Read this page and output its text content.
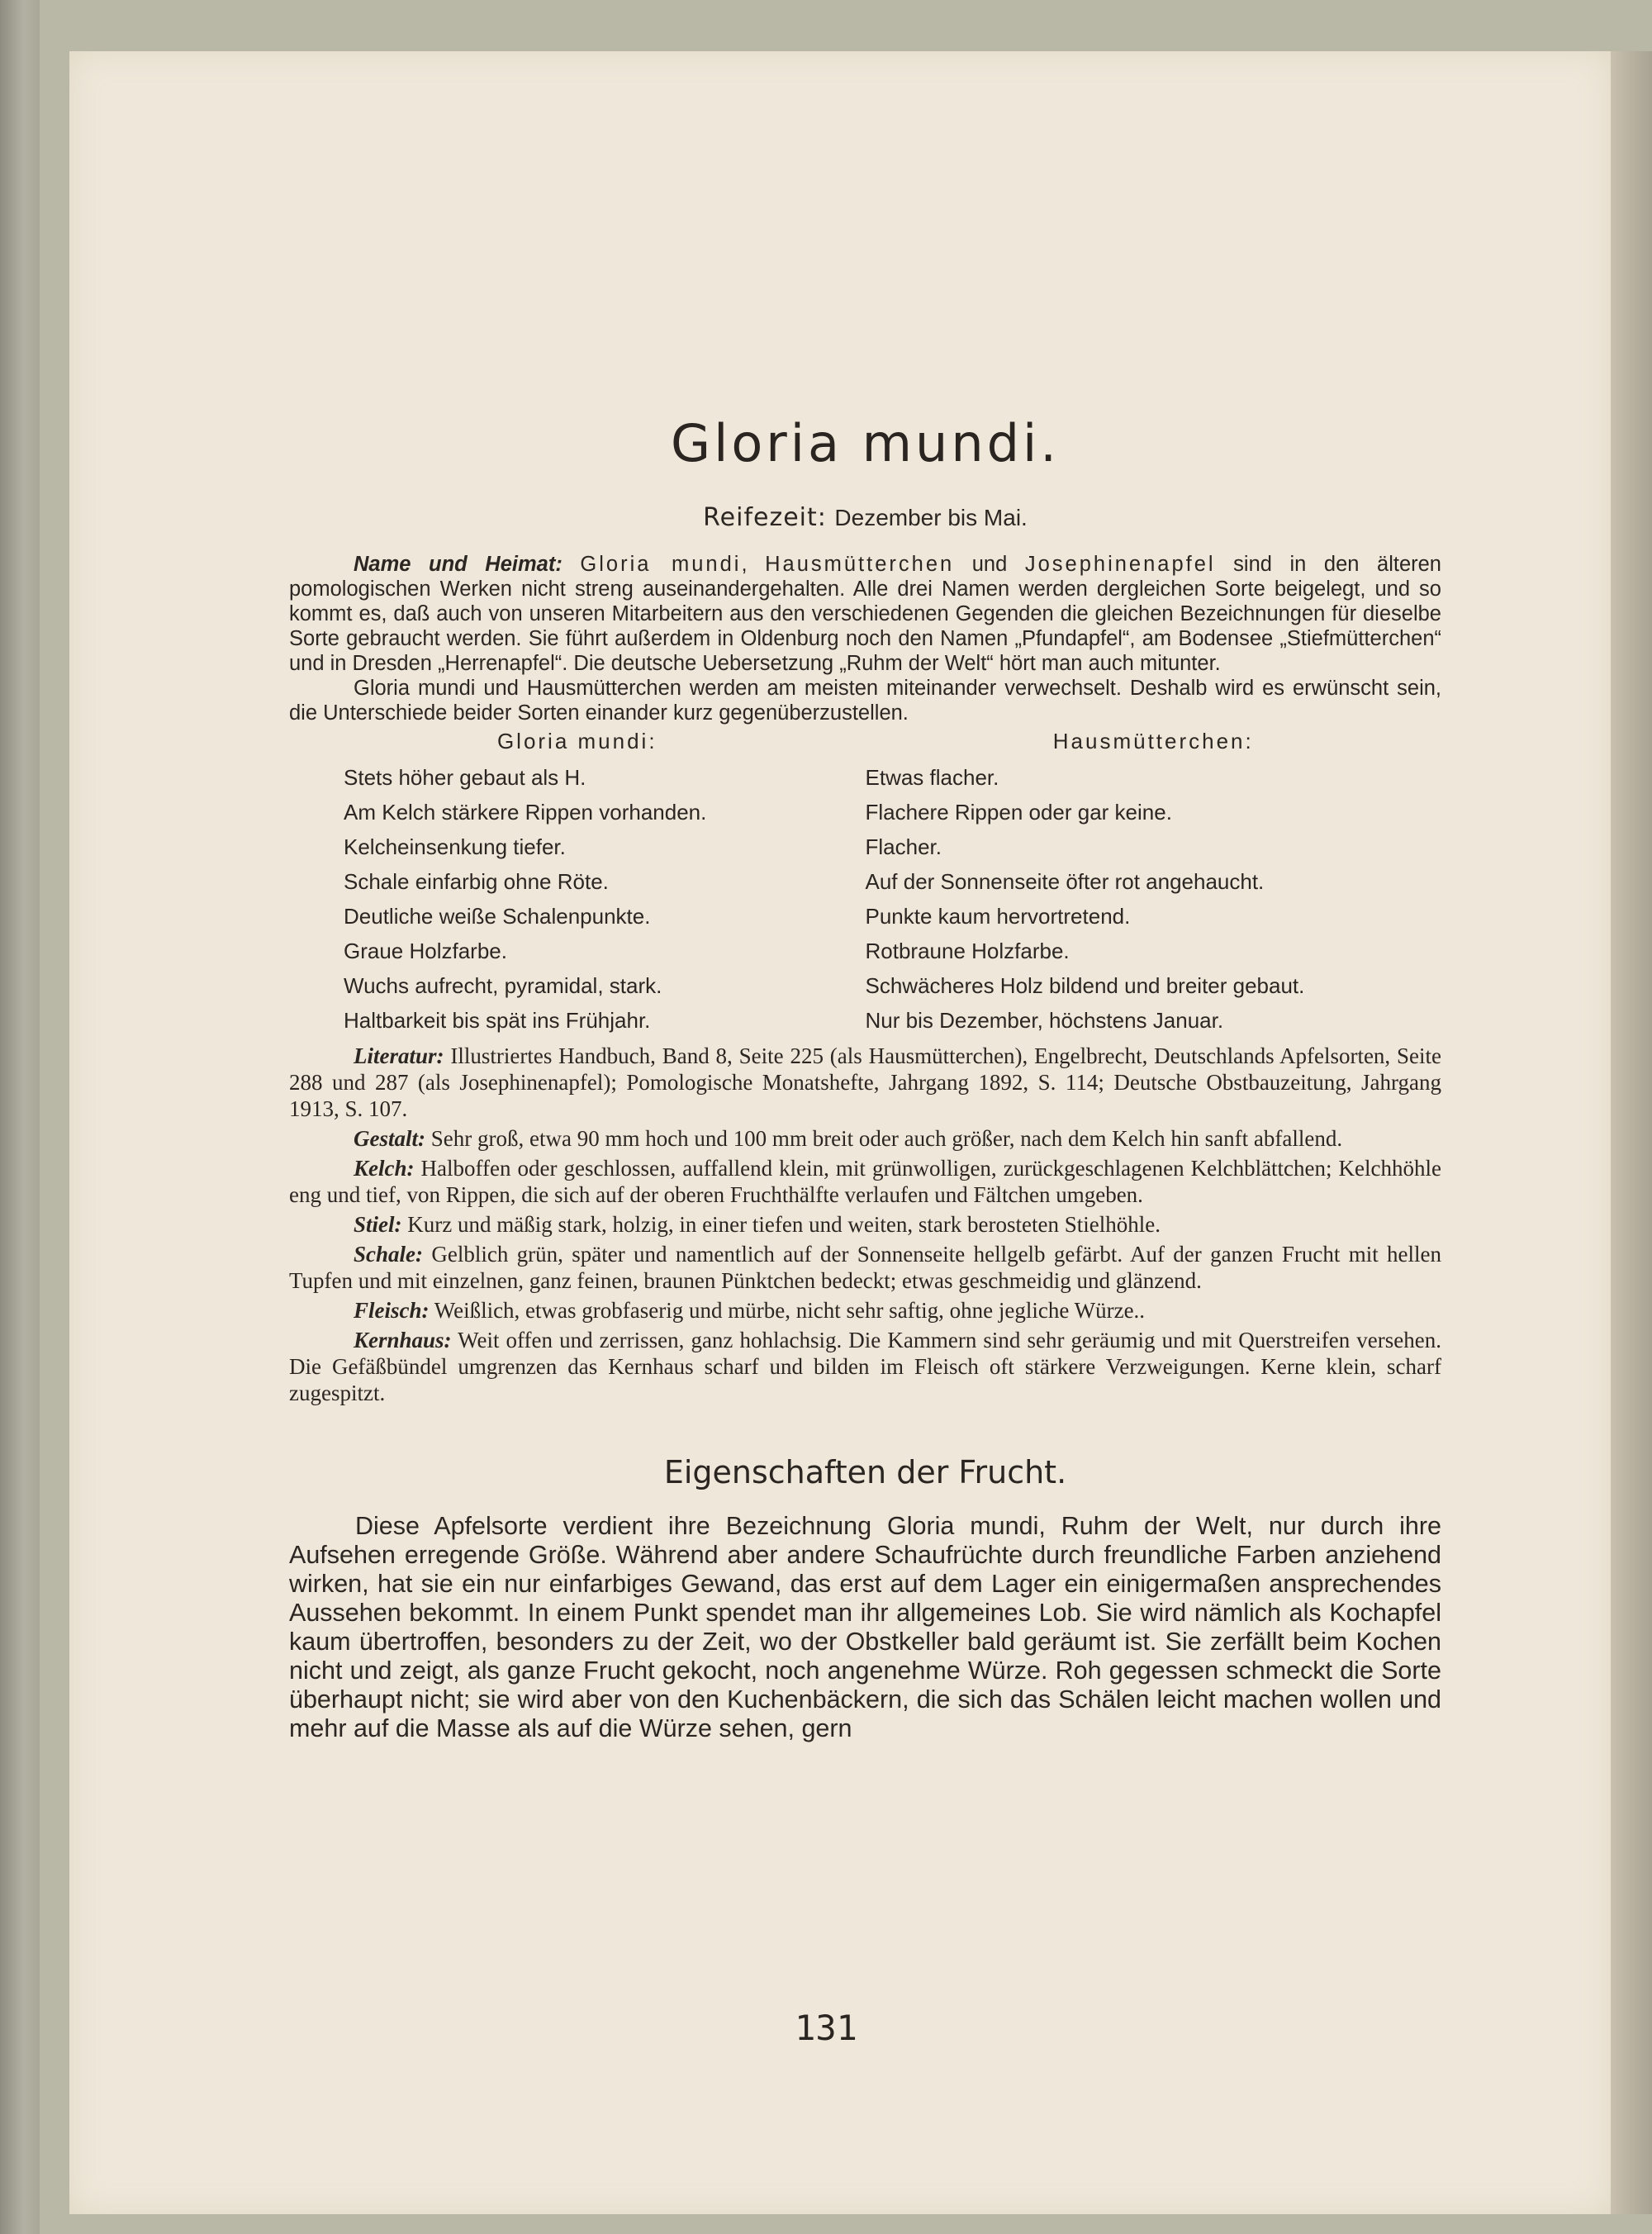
Gloria mundi.
Reifezeit: Dezember bis Mai.

Name und Heimat: Gloria mundi, Hausmütterchen und Josephinenapfel sind in den älteren pomologischen Werken nicht streng auseinandergehalten. Alle drei Namen werden dergleichen Sorte beigelegt, und so kommt es, daß auch von unseren Mitarbeitern aus den verschiedenen Gegenden die gleichen Bezeichnungen für dieselbe Sorte gebraucht werden. Sie führt außerdem in Oldenburg noch den Namen „Pfundapfel“, am Bodensee „Stiefmütterchen“ und in Dresden „Herrenapfel“. Die deutsche Uebersetzung „Ruhm der Welt“ hört man auch mitunter.

Gloria mundi und Hausmütterchen werden am meisten miteinander verwechselt. Deshalb wird es erwünscht sein, die Unterschiede beider Sorten einander kurz gegenüberzustellen.

Gloria mundi:
Stets höher gebaut als H.
Am Kelch stärkere Rippen vorhanden.
Kelcheinsenkung tiefer.
Schale einfarbig ohne Röte.
Deutliche weiße Schalenpunkte.
Graue Holzfarbe.
Wuchs aufrecht, pyramidal, stark.
Haltbarkeit bis spät ins Frühjahr.
Hausmütterchen:
Etwas flacher.
Flachere Rippen oder gar keine.
Flacher.
Auf der Sonnenseite öfter rot angehaucht.
Punkte kaum hervortretend.
Rotbraune Holzfarbe.
Schwächeres Holz bildend und breiter gebaut.
Nur bis Dezember, höchstens Januar.

Literatur: Illustriertes Handbuch, Band 8, Seite 225 (als Hausmütterchen), Engelbrecht, Deutschlands Apfelsorten, Seite 288 und 287 (als Josephinenapfel); Pomologische Monatshefte, Jahrgang 1892, S. 114; Deutsche Obstbauzeitung, Jahrgang 1913, S. 107.

Gestalt: Sehr groß, etwa 90 mm hoch und 100 mm breit oder auch größer, nach dem Kelch hin sanft abfallend.

Kelch: Halboffen oder geschlossen, auffallend klein, mit grünwolligen, zurückgeschlagenen Kelchblättchen; Kelchhöhle eng und tief, von Rippen, die sich auf der oberen Fruchthälfte verlaufen und Fältchen umgeben.

Stiel: Kurz und mäßig stark, holzig, in einer tiefen und weiten, stark berosteten Stielhöhle.

Schale: Gelblich grün, später und namentlich auf der Sonnenseite hellgelb gefärbt. Auf der ganzen Frucht mit hellen Tupfen und mit einzelnen, ganz feinen, braunen Pünktchen bedeckt; etwas geschmeidig und glänzend.

Fleisch: Weißlich, etwas grobfaserig und mürbe, nicht sehr saftig, ohne jegliche Würze..

Kernhaus: Weit offen und zerrissen, ganz hohlachsig. Die Kammern sind sehr geräumig und mit Querstreifen versehen. Die Gefäßbündel umgrenzen das Kernhaus scharf und bilden im Fleisch oft stärkere Verzweigungen. Kerne klein, scharf zugespitzt.

Eigenschaften der Frucht.

Diese Apfelsorte verdient ihre Bezeichnung Gloria mundi, Ruhm der Welt, nur durch ihre Aufsehen erregende Größe. Während aber andere Schaufrüchte durch freundliche Farben anziehend wirken, hat sie ein nur einfarbiges Gewand, das erst auf dem Lager ein einigermaßen ansprechendes Aussehen bekommt. In einem Punkt spendet man ihr allgemeines Lob. Sie wird nämlich als Kochapfel kaum übertroffen, besonders zu der Zeit, wo der Obstkeller bald geräumt ist. Sie zerfällt beim Kochen nicht und zeigt, als ganze Frucht gekocht, noch angenehme Würze. Roh gegessen schmeckt die Sorte überhaupt nicht; sie wird aber von den Kuchenbäckern, die sich das Schälen leicht machen wollen und mehr auf die Masse als auf die Würze sehen, gern

131
